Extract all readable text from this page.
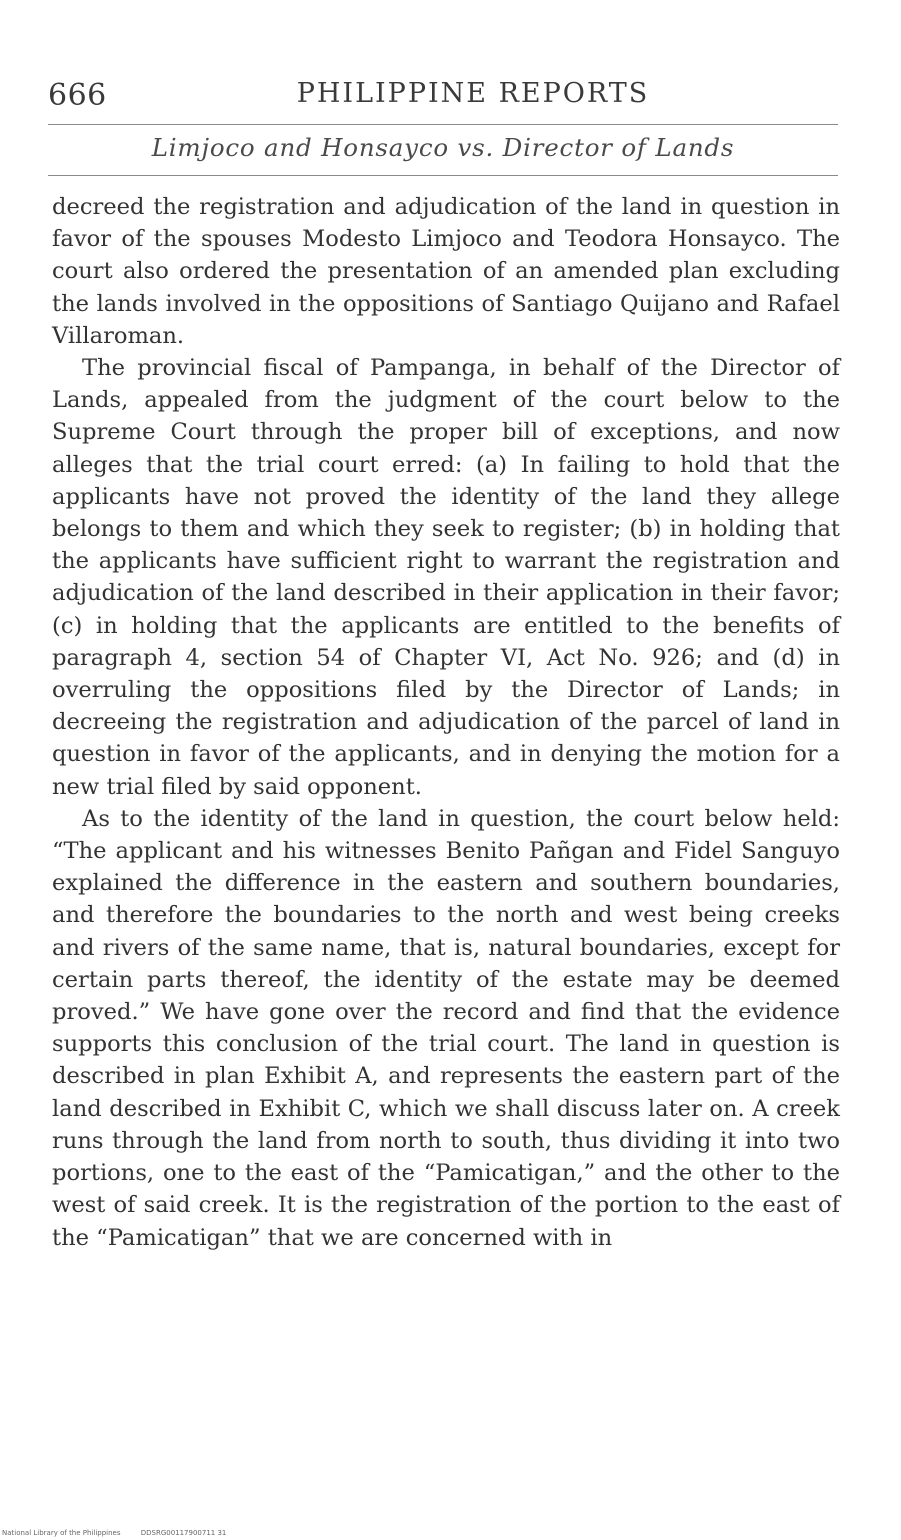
666	PHILIPPINE REPORTS
Limjoco and Honsayco vs. Director of Lands

decreed the registration and adjudication of the land in question in favor of the spouses Modesto Limjoco and Teodora Honsayco. The court also ordered the presentation of an amended plan excluding the lands involved in the oppositions of Santiago Quijano and Rafael Villaroman.

The provincial fiscal of Pampanga, in behalf of the Director of Lands, appealed from the judgment of the court below to the Supreme Court through the proper bill of exceptions, and now alleges that the trial court erred: (a) In failing to hold that the applicants have not proved the identity of the land they allege belongs to them and which they seek to register; (b) in holding that the applicants have sufficient right to warrant the registration and adjudication of the land described in their application in their favor; (c) in holding that the applicants are entitled to the benefits of paragraph 4, section 54 of Chapter VI, Act No. 926; and (d) in overruling the oppositions filed by the Director of Lands; in decreeing the registration and adjudication of the parcel of land in question in favor of the applicants, and in denying the motion for a new trial filed by said opponent.

As to the identity of the land in question, the court below held: “The applicant and his witnesses Benito Pañgan and Fidel Sanguyo explained the difference in the eastern and southern boundaries, and therefore the boundaries to the north and west being creeks and rivers of the same name, that is, natural boundaries, except for certain parts thereof, the identity of the estate may be deemed proved.” We have gone over the record and find that the evidence supports this conclusion of the trial court. The land in question is described in plan Exhibit A, and represents the eastern part of the land described in Exhibit C, which we shall discuss later on. A creek runs through the land from north to south, thus dividing it into two portions, one to the east of the “Pamicatigan,” and the other to the west of said creek. It is the registration of the portion to the east of the “Pamicatigan” that we are concerned with in

National Library of the Philippines	DDSRG00117900711 31
